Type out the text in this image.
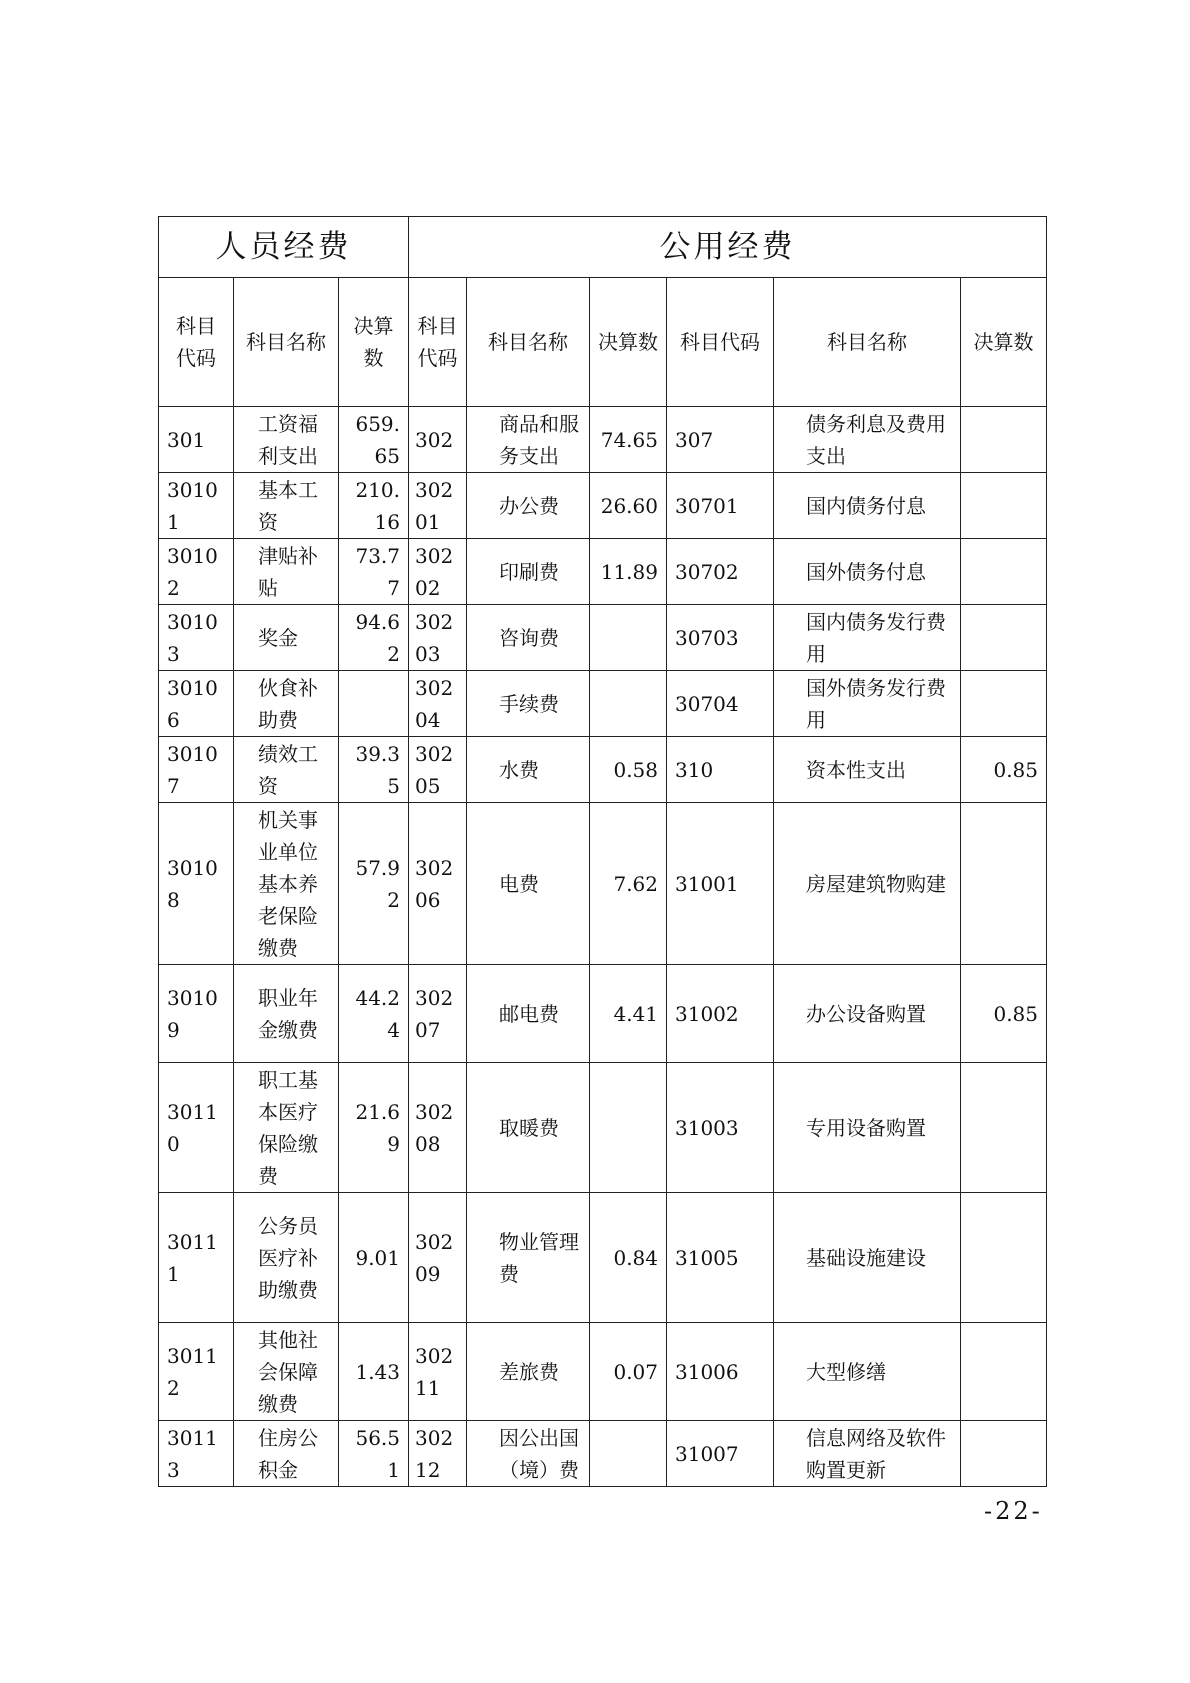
人员经费			公用经费					
科目代码	科目名称	决算数	科目代码	科目名称	决算数	科目代码	科目名称	决算数
301	工资福利支出	659.65	302	商品和服务支出	74.65	307	债务利息及费用支出	
30101	基本工资	210.16	30201	办公费	26.60	30701	国内债务付息	
30102	津贴补贴	73.77	30202	印刷费	11.89	30702	国外债务付息	
30103	奖金	94.62	30203	咨询费		30703	国内债务发行费用	
30106	伙食补助费		30204	手续费		30704	国外债务发行费用	
30107	绩效工资	39.35	30205	水费	0.58	310	资本性支出	0.85
30108	机关事业单位基本养老保险缴费	57.92	30206	电费	7.62	31001	房屋建筑物购建	
30109	职业年金缴费	44.24	30207	邮电费	4.41	31002	办公设备购置	0.85
30110	职工基本医疗保险缴费	21.69	30208	取暖费		31003	专用设备购置	
30111	公务员医疗补助缴费	9.01	30209	物业管理费	0.84	31005	基础设施建设	
30112	其他社会保障缴费	1.43	30211	差旅费	0.07	31006	大型修缮	
30113	住房公积金	56.51	30212	因公出国（境）费		31007	信息网络及软件购置更新	
-22-
